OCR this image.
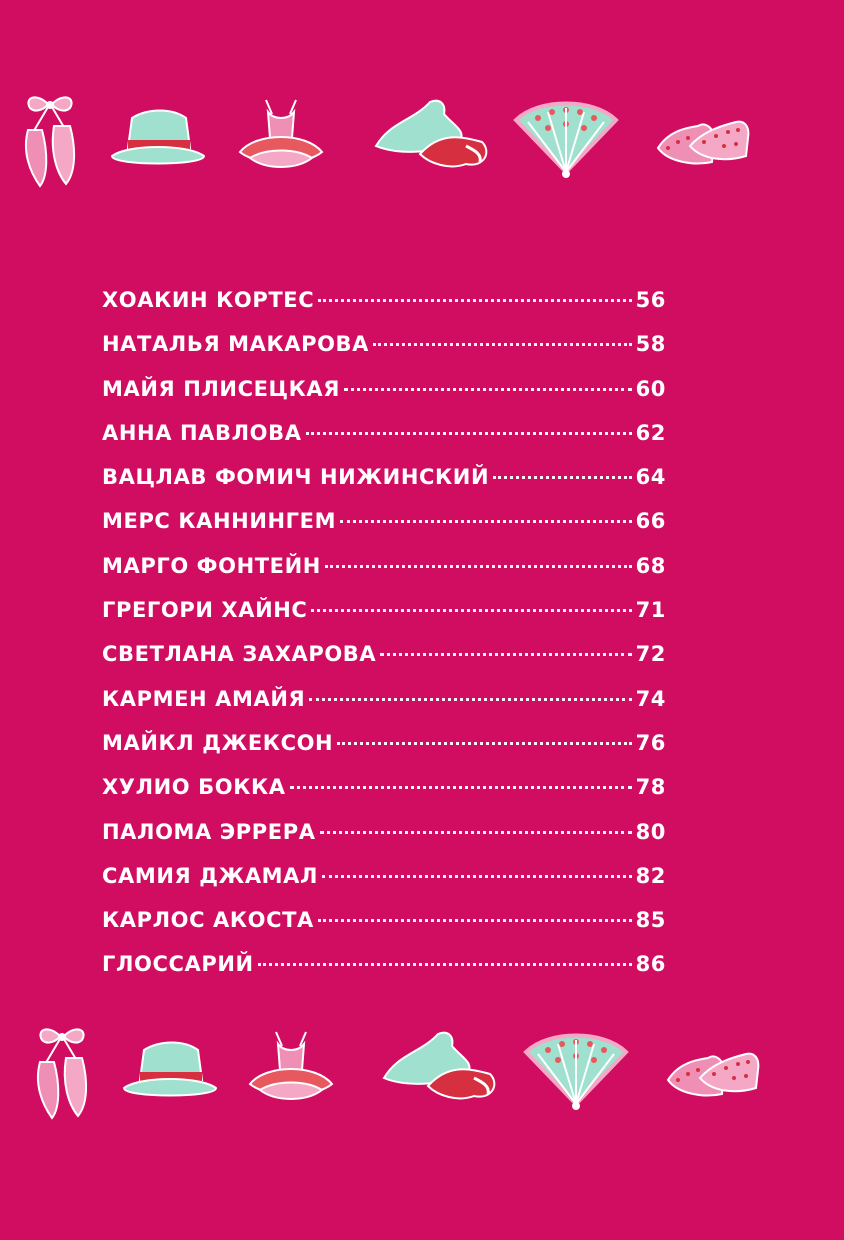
ХОАКИН КОРТЕС	56
НАТАЛЬЯ МАКАРОВА	58
МАЙЯ ПЛИСЕЦКАЯ	60
АННА ПАВЛОВА	62
ВАЦЛАВ ФОМИЧ НИЖИНСКИЙ	64
МЕРС КАННИНГЕМ	66
МАРГО ФОНТЕЙН	68
ГРЕГОРИ ХАЙНС	71
СВЕТЛАНА ЗАХАРОВА	72
КАРМЕН АМАЙЯ	74
МАЙКЛ ДЖЕКСОН	76
ХУЛИО БОККА	78
ПАЛОМА ЭРРЕРА	80
САМИЯ ДЖАМАЛ	82
КАРЛОС АКОСТА	85
ГЛОССАРИЙ	86
